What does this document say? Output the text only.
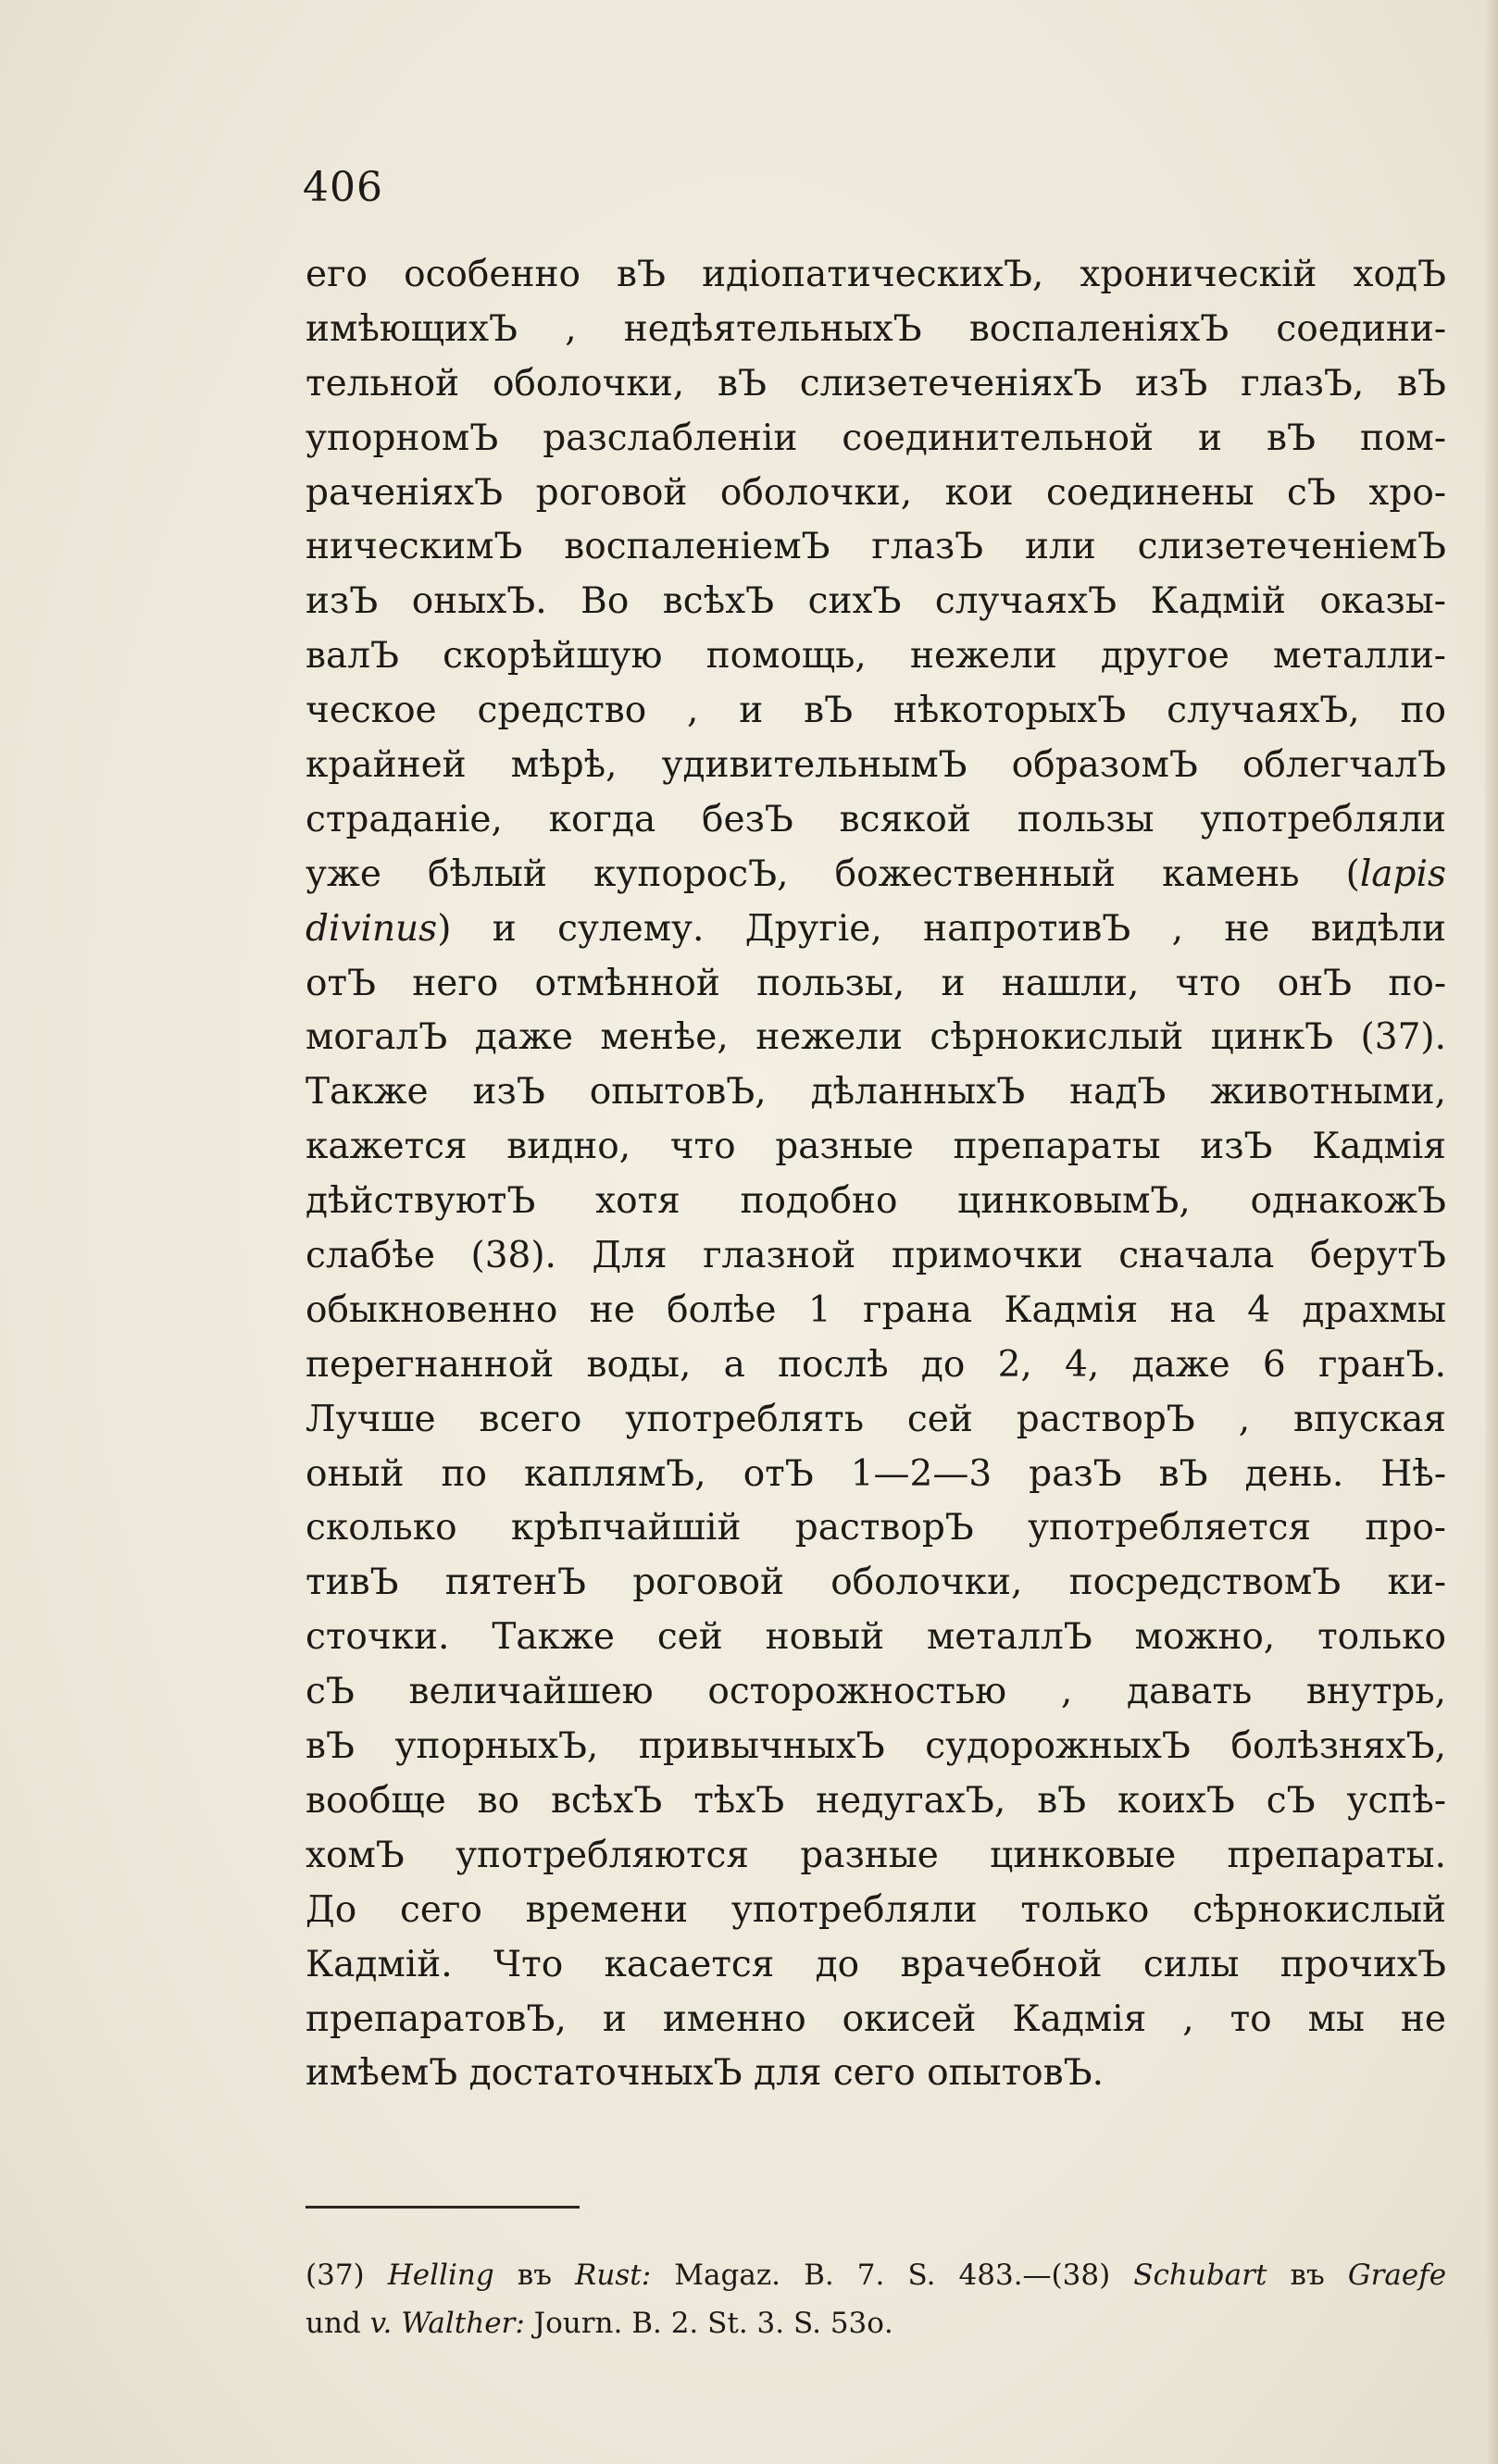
406
его особенно вЪ идіопатическихЪ, хроническій ходЪ
имѣющихЪ , недѣятельныхЪ воспаленіяхЪ соедини-
тельной оболочки, вЪ слизетеченіяхЪ изЪ глазЪ, вЪ
упорномЪ разслабленіи соединительной и вЪ пом-
раченіяхЪ роговой оболочки, кои соединены сЪ хро-
ническимЪ воспаленіемЪ глазЪ или слизетеченіемЪ
изЪ оныхЪ. Во всѣхЪ сихЪ случаяхЪ Кадмій оказы-
валЪ скорѣйшую помощь, нежели другое металли-
ческое средство , и вЪ нѣкоторыхЪ случаяхЪ, по
крайней мѣрѣ, удивительнымЪ образомЪ облегчалЪ
страданіе, когда безЪ всякой пользы употребляли
уже бѣлый купоросЪ, божественный камень (lapis
divinus) и сулему. Другіе, напротивЪ , не видѣли
отЪ него отмѣнной пользы, и нашли, что онЪ по-
могалЪ даже менѣе, нежели сѣрнокислый цинкЪ (37).
Также изЪ опытовЪ, дѣланныхЪ надЪ животными,
кажется видно, что разные препараты изЪ Кадмія
дѣйствуютЪ хотя подобно цинковымЪ, однакожЪ
слабѣе (38). Для глазной примочки сначала берутЪ
обыкновенно не болѣе 1 грана Кадмія на 4 драхмы
перегнанной воды, а послѣ до 2, 4, даже 6 гранЪ.
Лучше всего употреблять сей растворЪ , впуская
оный по каплямЪ, отЪ 1—2—3 разЪ вЪ день. Нѣ-
сколько крѣпчайшій растворЪ употребляется про-
тивЪ пятенЪ роговой оболочки, посредствомЪ ки-
сточки. Также сей новый металлЪ можно, только
сЪ величайшею осторожностью , давать внутрь,
вЪ упорныхЪ, привычныхЪ судорожныхЪ болѣзняхЪ,
вообще во всѣхЪ тѣхЪ недугахЪ, вЪ коихЪ сЪ успѣ-
хомЪ употребляются разные цинковые препараты.
До сего времени употребляли только сѣрнокислый
Кадмій. Что касается до врачебной силы прочихЪ
препаратовЪ, и именно окисей Кадмія , то мы не
имѣемЪ достаточныхЪ для сего опытовЪ.
(37) Helling въ Rust: Magaz. B. 7. S. 483.—(38) Schubart въ Graefe
und v. Walther: Journ. B. 2. St. 3. S. 53о.
